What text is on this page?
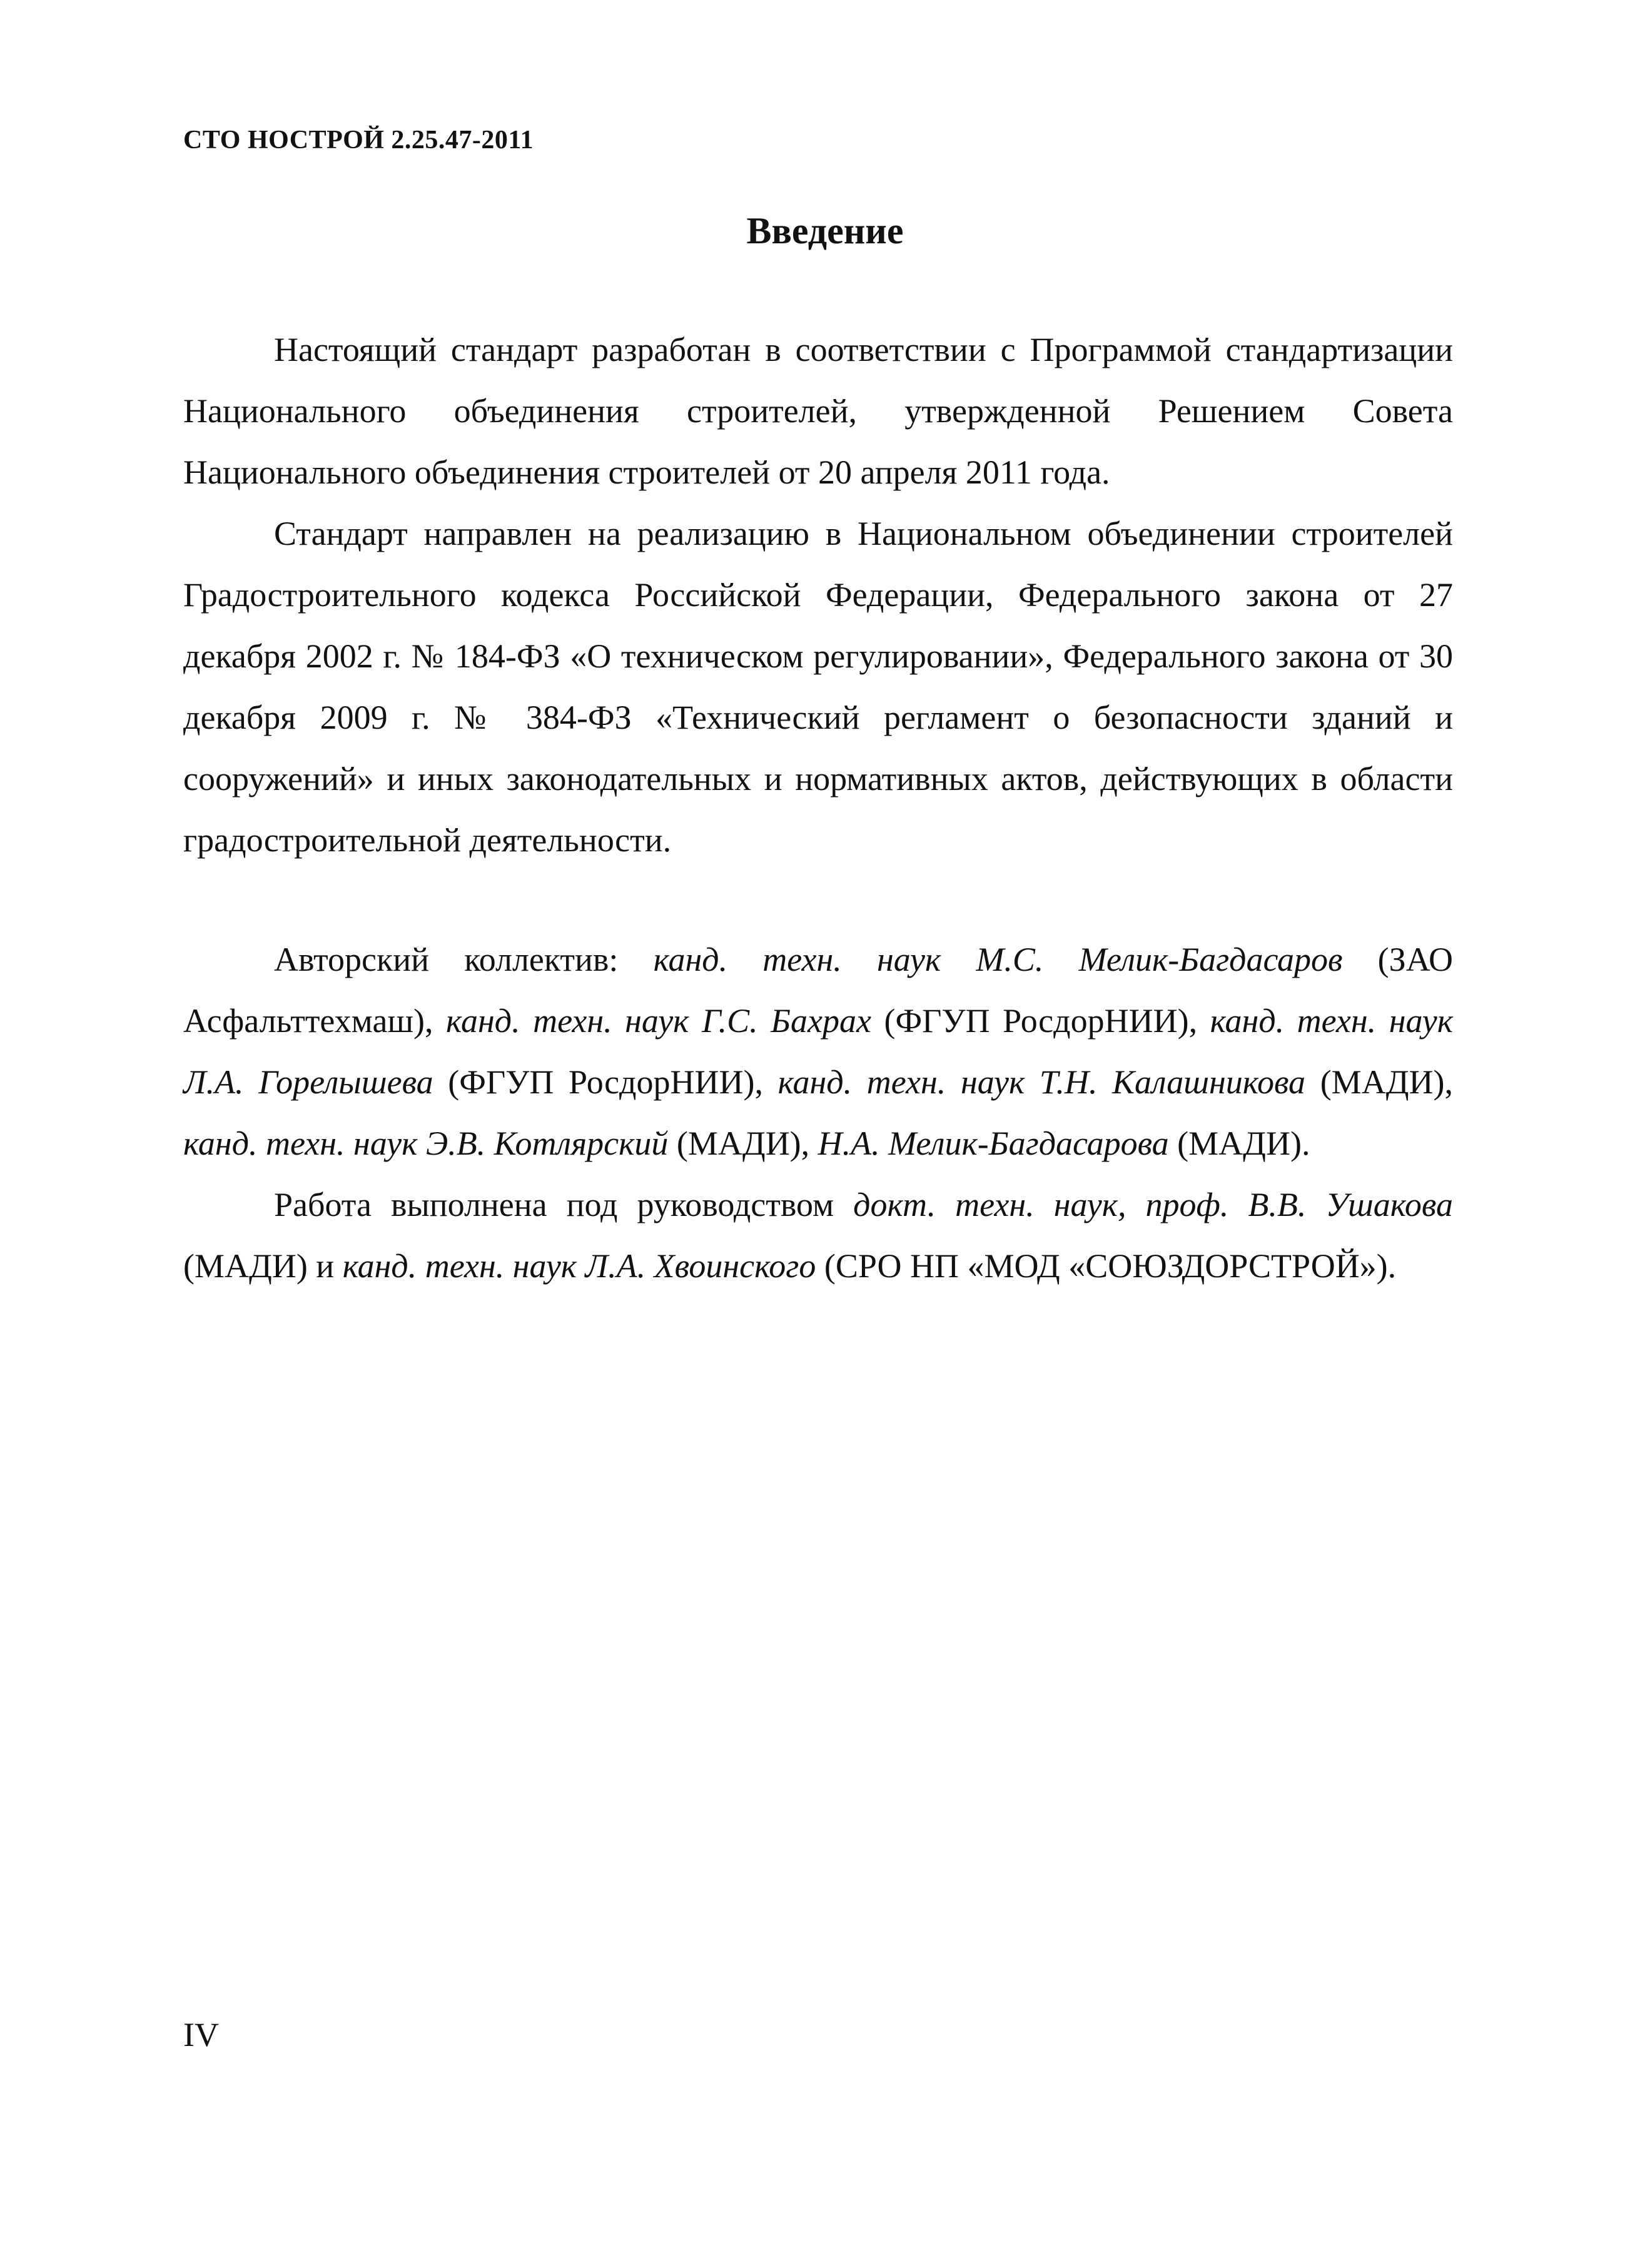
СТО НОСТРОЙ 2.25.47-2011
Введение

Настоящий стандарт разработан в соответствии с Программой стандартизации Национального объединения строителей, утвержденной Решением Совета Национального объединения строителей от 20 апреля 2011 года.

Стандарт направлен на реализацию в Национальном объединении строителей Градостроительного кодекса Российской Федерации, Федерального закона от 27 декабря 2002 г. № 184-ФЗ «О техническом регулировании», Федерального закона от 30 декабря 2009 г. № 384-ФЗ «Технический регламент о безопасности зданий и сооружений» и иных законодательных и нормативных актов, действующих в области градостроительной деятельности.

Авторский коллектив: канд. техн. наук М.С. Мелик-Багдасаров (ЗАО Асфальттехмаш), канд. техн. наук Г.С. Бахрах (ФГУП РосдорНИИ), канд. техн. наук Л.А. Горелышева (ФГУП РосдорНИИ), канд. техн. наук Т.Н. Калашникова (МАДИ), канд. техн. наук Э.В. Котлярский (МАДИ), Н.А. Мелик-Багдасарова (МАДИ).

Работа выполнена под руководством докт. техн. наук, проф. В.В. Ушакова (МАДИ) и канд. техн. наук Л.А. Хвоинского (СРО НП «МОД «СОЮЗДОРСТРОЙ»).

IV
